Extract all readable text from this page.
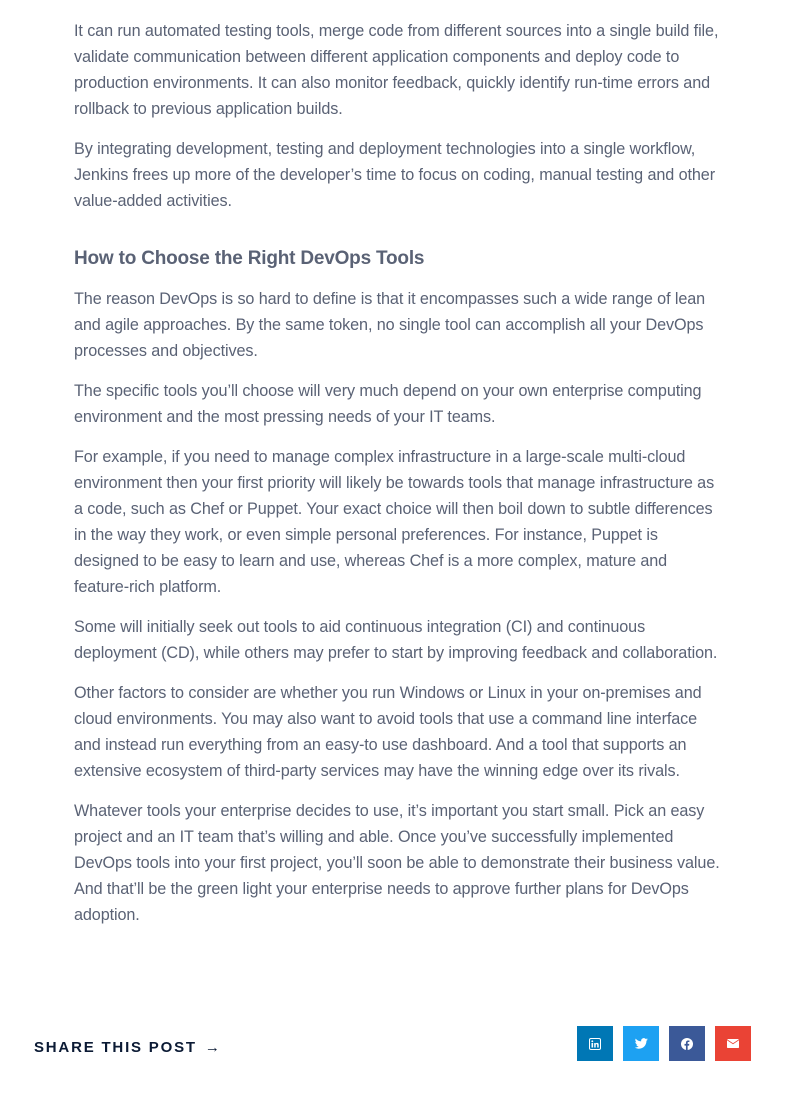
It can run automated testing tools, merge code from different sources into a single build file, validate communication between different application components and deploy code to production environments. It can also monitor feedback, quickly identify run-time errors and rollback to previous application builds.

By integrating development, testing and deployment technologies into a single workflow, Jenkins frees up more of the developer’s time to focus on coding, manual testing and other value-added activities.

How to Choose the Right DevOps Tools

The reason DevOps is so hard to define is that it encompasses such a wide range of lean and agile approaches. By the same token, no single tool can accomplish all your DevOps processes and objectives.

The specific tools you’ll choose will very much depend on your own enterprise computing environment and the most pressing needs of your IT teams.

For example, if you need to manage complex infrastructure in a large-scale multi-cloud environment then your first priority will likely be towards tools that manage infrastructure as a code, such as Chef or Puppet. Your exact choice will then boil down to subtle differences in the way they work, or even simple personal preferences. For instance, Puppet is designed to be easy to learn and use, whereas Chef is a more complex, mature and feature-rich platform.

Some will initially seek out tools to aid continuous integration (CI) and continuous deployment (CD), while others may prefer to start by improving feedback and collaboration.

Other factors to consider are whether you run Windows or Linux in your on-premises and cloud environments. You may also want to avoid tools that use a command line interface and instead run everything from an easy-to use dashboard. And a tool that supports an extensive ecosystem of third-party services may have the winning edge over its rivals.

Whatever tools your enterprise decides to use, it’s important you start small. Pick an easy project and an IT team that’s willing and able. Once you’ve successfully implemented DevOps tools into your first project, you’ll soon be able to demonstrate their business value. And that’ll be the green light your enterprise needs to approve further plans for DevOps adoption.

SHARE THIS POST →
